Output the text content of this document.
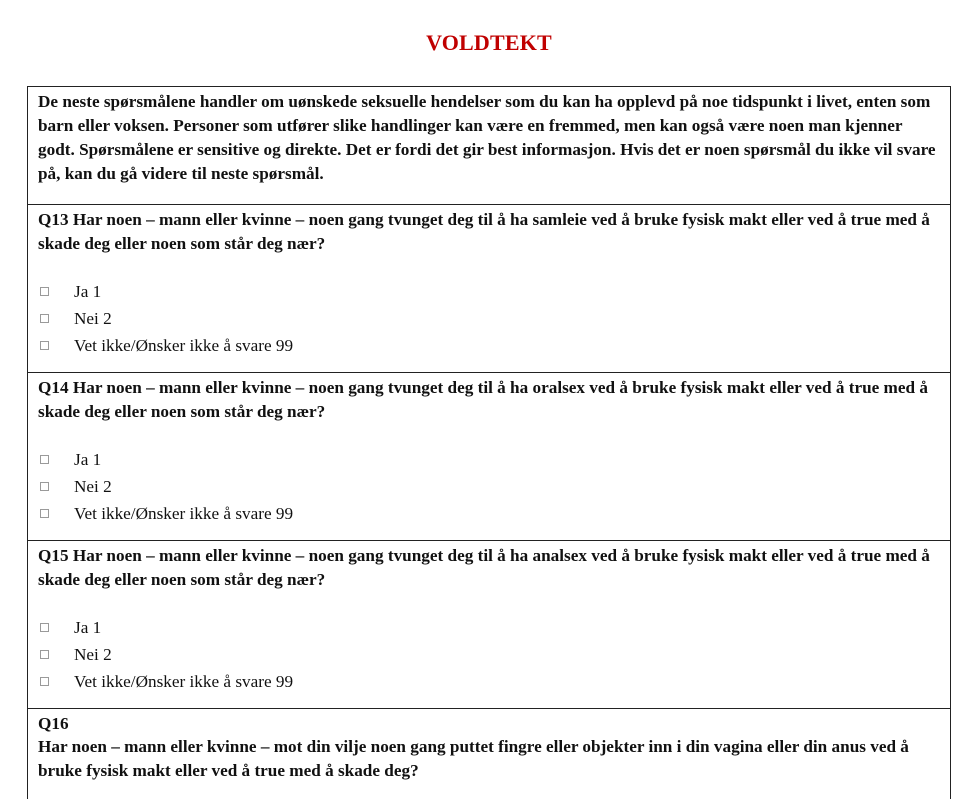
VOLDTEKT

De neste spørsmålene handler om uønskede seksuelle hendelser som du kan ha opplevd på noe tidspunkt i livet, enten som barn eller voksen. Personer som utfører slike handlinger kan være en fremmed, men kan også være noen man kjenner godt. Spørsmålene er sensitive og direkte. Det er fordi det gir best informasjon. Hvis det er noen spørsmål du ikke vil svare på, kan du gå videre til neste spørsmål.

Q13 Har noen – mann eller kvinne – noen gang tvunget deg til å ha samleie ved å bruke fysisk makt eller ved å true med å skade deg eller noen som står deg nær?

Ja 1
Nei 2
Vet ikke/Ønsker ikke å svare 99

Q14 Har noen – mann eller kvinne – noen gang tvunget deg til å ha oralsex ved å bruke fysisk makt eller ved å true med å skade deg eller noen som står deg nær?

Ja 1
Nei 2
Vet ikke/Ønsker ikke å svare 99

Q15 Har noen – mann eller kvinne – noen gang tvunget deg til å ha analsex ved å bruke fysisk makt eller ved å true med å skade deg eller noen som står deg nær?

Ja 1
Nei 2
Vet ikke/Ønsker ikke å svare 99
Q16

Har noen – mann eller kvinne – mot din vilje noen gang puttet fingre eller objekter inn i din vagina eller din anus ved å bruke fysisk makt eller ved å true med å skade deg?
